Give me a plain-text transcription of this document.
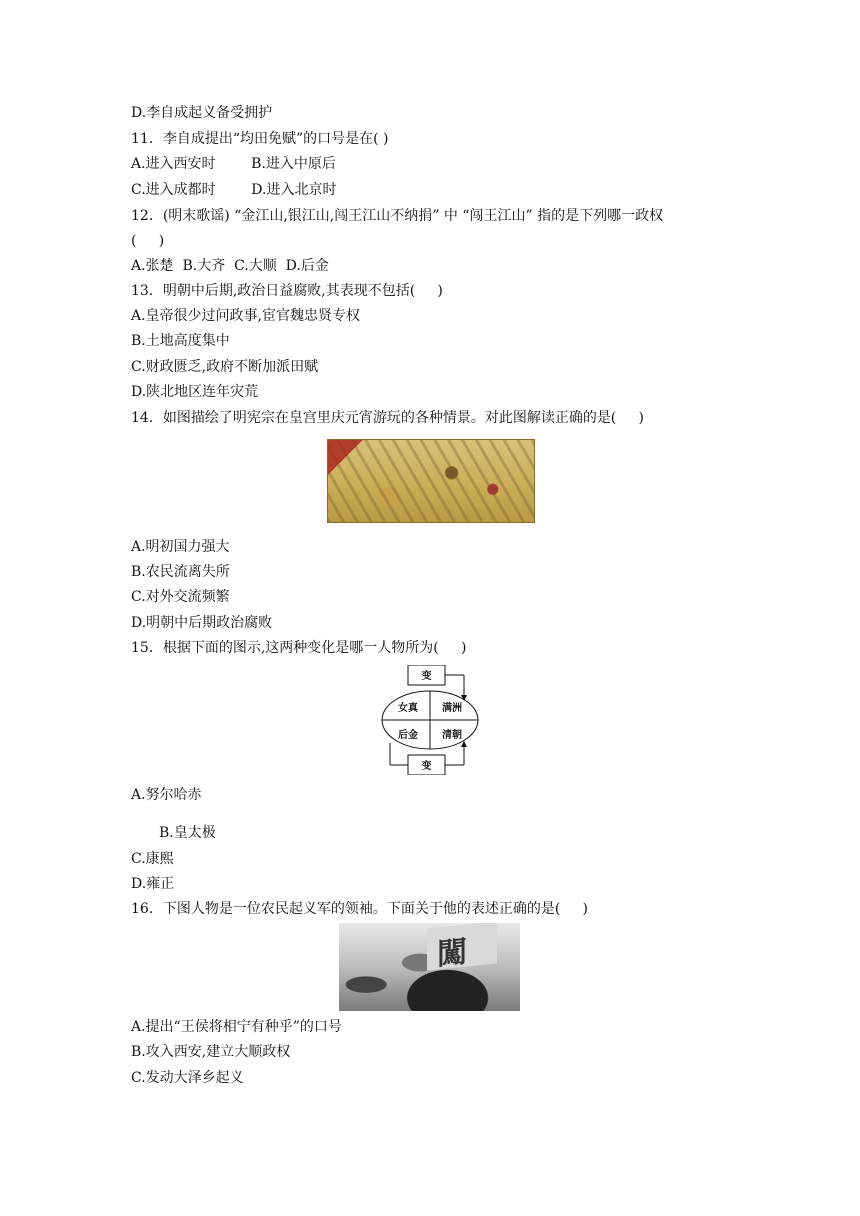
D.李自成起义备受拥护
11．李自成提出“均田免赋”的口号是在( )
A.进入西安时        B.进入中原后
C.进入成都时        D.进入北京时
12．(明末歌谣) “金江山,银江山,闯王江山不纳捐” 中 “闯王江山” 指的是下列哪一政权
(     )
A.张楚  B.大齐  C.大顺  D.后金
13．明朝中后期,政治日益腐败,其表现不包括(     )
A.皇帝很少过问政事,宦官魏忠贤专权
B.土地高度集中
C.财政匮乏,政府不断加派田赋
D.陕北地区连年灾荒
14．如图描绘了明宪宗在皇宫里庆元宵游玩的各种情景。对此图解读正确的是(     )
A.明初国力强大
B.农民流离失所
C.对外交流频繁
D.明朝中后期政治腐败
15．根据下面的图示,这两种变化是哪一人物所为(     )
变
变
女真 满洲
后金 清朝
A.努尔哈赤
B.皇太极
C.康熙
D.雍正
16．下图人物是一位农民起义军的领袖。下面关于他的表述正确的是(     )
闖
A.提出“王侯将相宁有种乎”的口号
B.攻入西安,建立大顺政权
C.发动大泽乡起义
